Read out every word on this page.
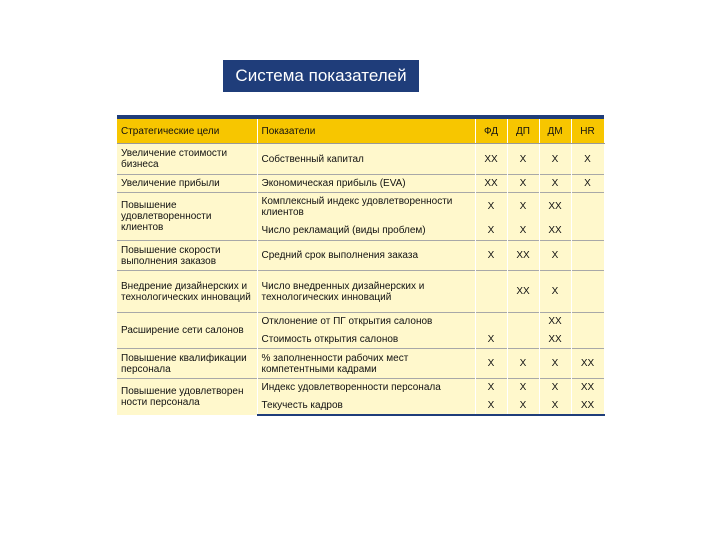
Система показателей
Стратегические цели	Показатели	ФД	ДП	ДМ	HR
Увеличение стоимости бизнеса	Собственный капитал	XX	X	X	X
Увеличение прибыли	Экономическая прибыль (EVA)	XX	X	X	X
Повышение удовлетворенности клиентов	Комплексный индекс удовлетворенности клиентов	X	X	XX	
	Число рекламаций (виды проблем)	X	X	XX	
Повышение скорости выполнения заказов	Средний срок выполнения заказа	X	XX	X	
Внедрение дизайнерских и технологических инноваций	Число внедренных дизайнерских и технологических инноваций		XX	X	
Расширение сети салонов	Отклонение от ПГ открытия салонов			XX	
	Стоимость открытия салонов	X		XX	
Повышение квалификации персонала	% заполненности рабочих мест компетентными кадрами	X	X	X	XX
Повышение удовлетворен ности персонала	Индекс удовлетворенности персонала	X	X	X	XX
	Текучесть кадров	X	X	X	XX
